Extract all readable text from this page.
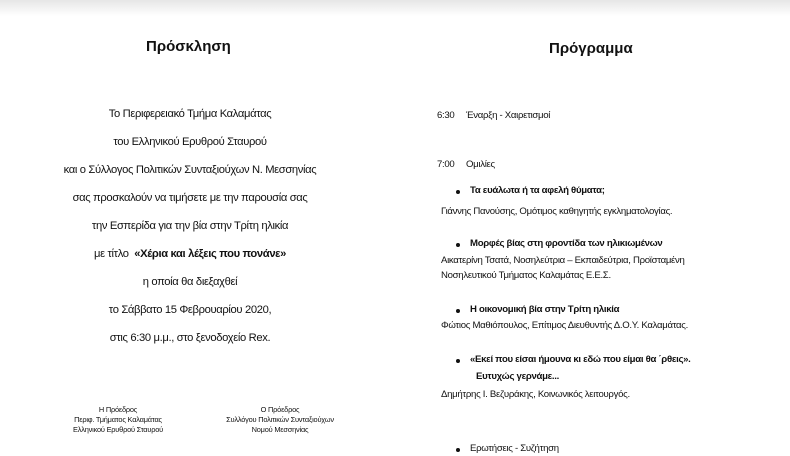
Πρόσκληση
Το Περιφερειακό Τμήμα Καλαμάτας
του Ελληνικού Ερυθρού Σταυρού
και ο Σύλλογος Πολιτικών Συνταξιούχων Ν. Μεσσηνίας
σας προσκαλούν να τιμήσετε με την παρουσία σας
την Εσπερίδα για την βία στην Τρίτη ηλικία
με τίτλο «Χέρια και λέξεις που πονάνε»
η οποία θα διεξαχθεί
το Σάββατο 15 Φεβρουαρίου 2020,
στις 6:30 μ.μ., στο ξενοδοχείο Rex.
Η Πρόεδρος
Περιφ. Τμήματος Καλαμάτας
Ελληνικού Ερυθρού Σταυρού
Ο Πρόεδρος
Συλλόγου Πολιτικών Συνταξιούχων
Νομού Μεσσηνίας
Πρόγραμμα
6:30 Έναρξη - Χαιρετισμοί
7:00 Ομιλίες
Τα ευάλωτα ή τα αφελή θύματα;
Γιάννης Πανούσης, Ομότιμος καθηγητής εγκληματολογίας.
Μορφές βίας στη φροντίδα των ηλικιωμένων
Αικατερίνη Τσατά, Νοσηλεύτρια – Εκπαιδεύτρια, Προϊσταμένη
Νοσηλευτικού Τμήματος Καλαμάτας Ε.Ε.Σ.
Η οικονομική βία στην Τρίτη ηλικία
Φώτιος Μαθιόπουλος, Επίτιμος Διευθυντής Δ.Ο.Υ. Καλαμάτας.
«Εκεί που είσαι ήμουνα κι εδώ που είμαι θα ΄ρθεις».
Ευτυχώς γερνάμε...
Δημήτρης Ι. Βεζυράκης, Κοινωνικός λειτουργός.
Ερωτήσεις - Συζήτηση
